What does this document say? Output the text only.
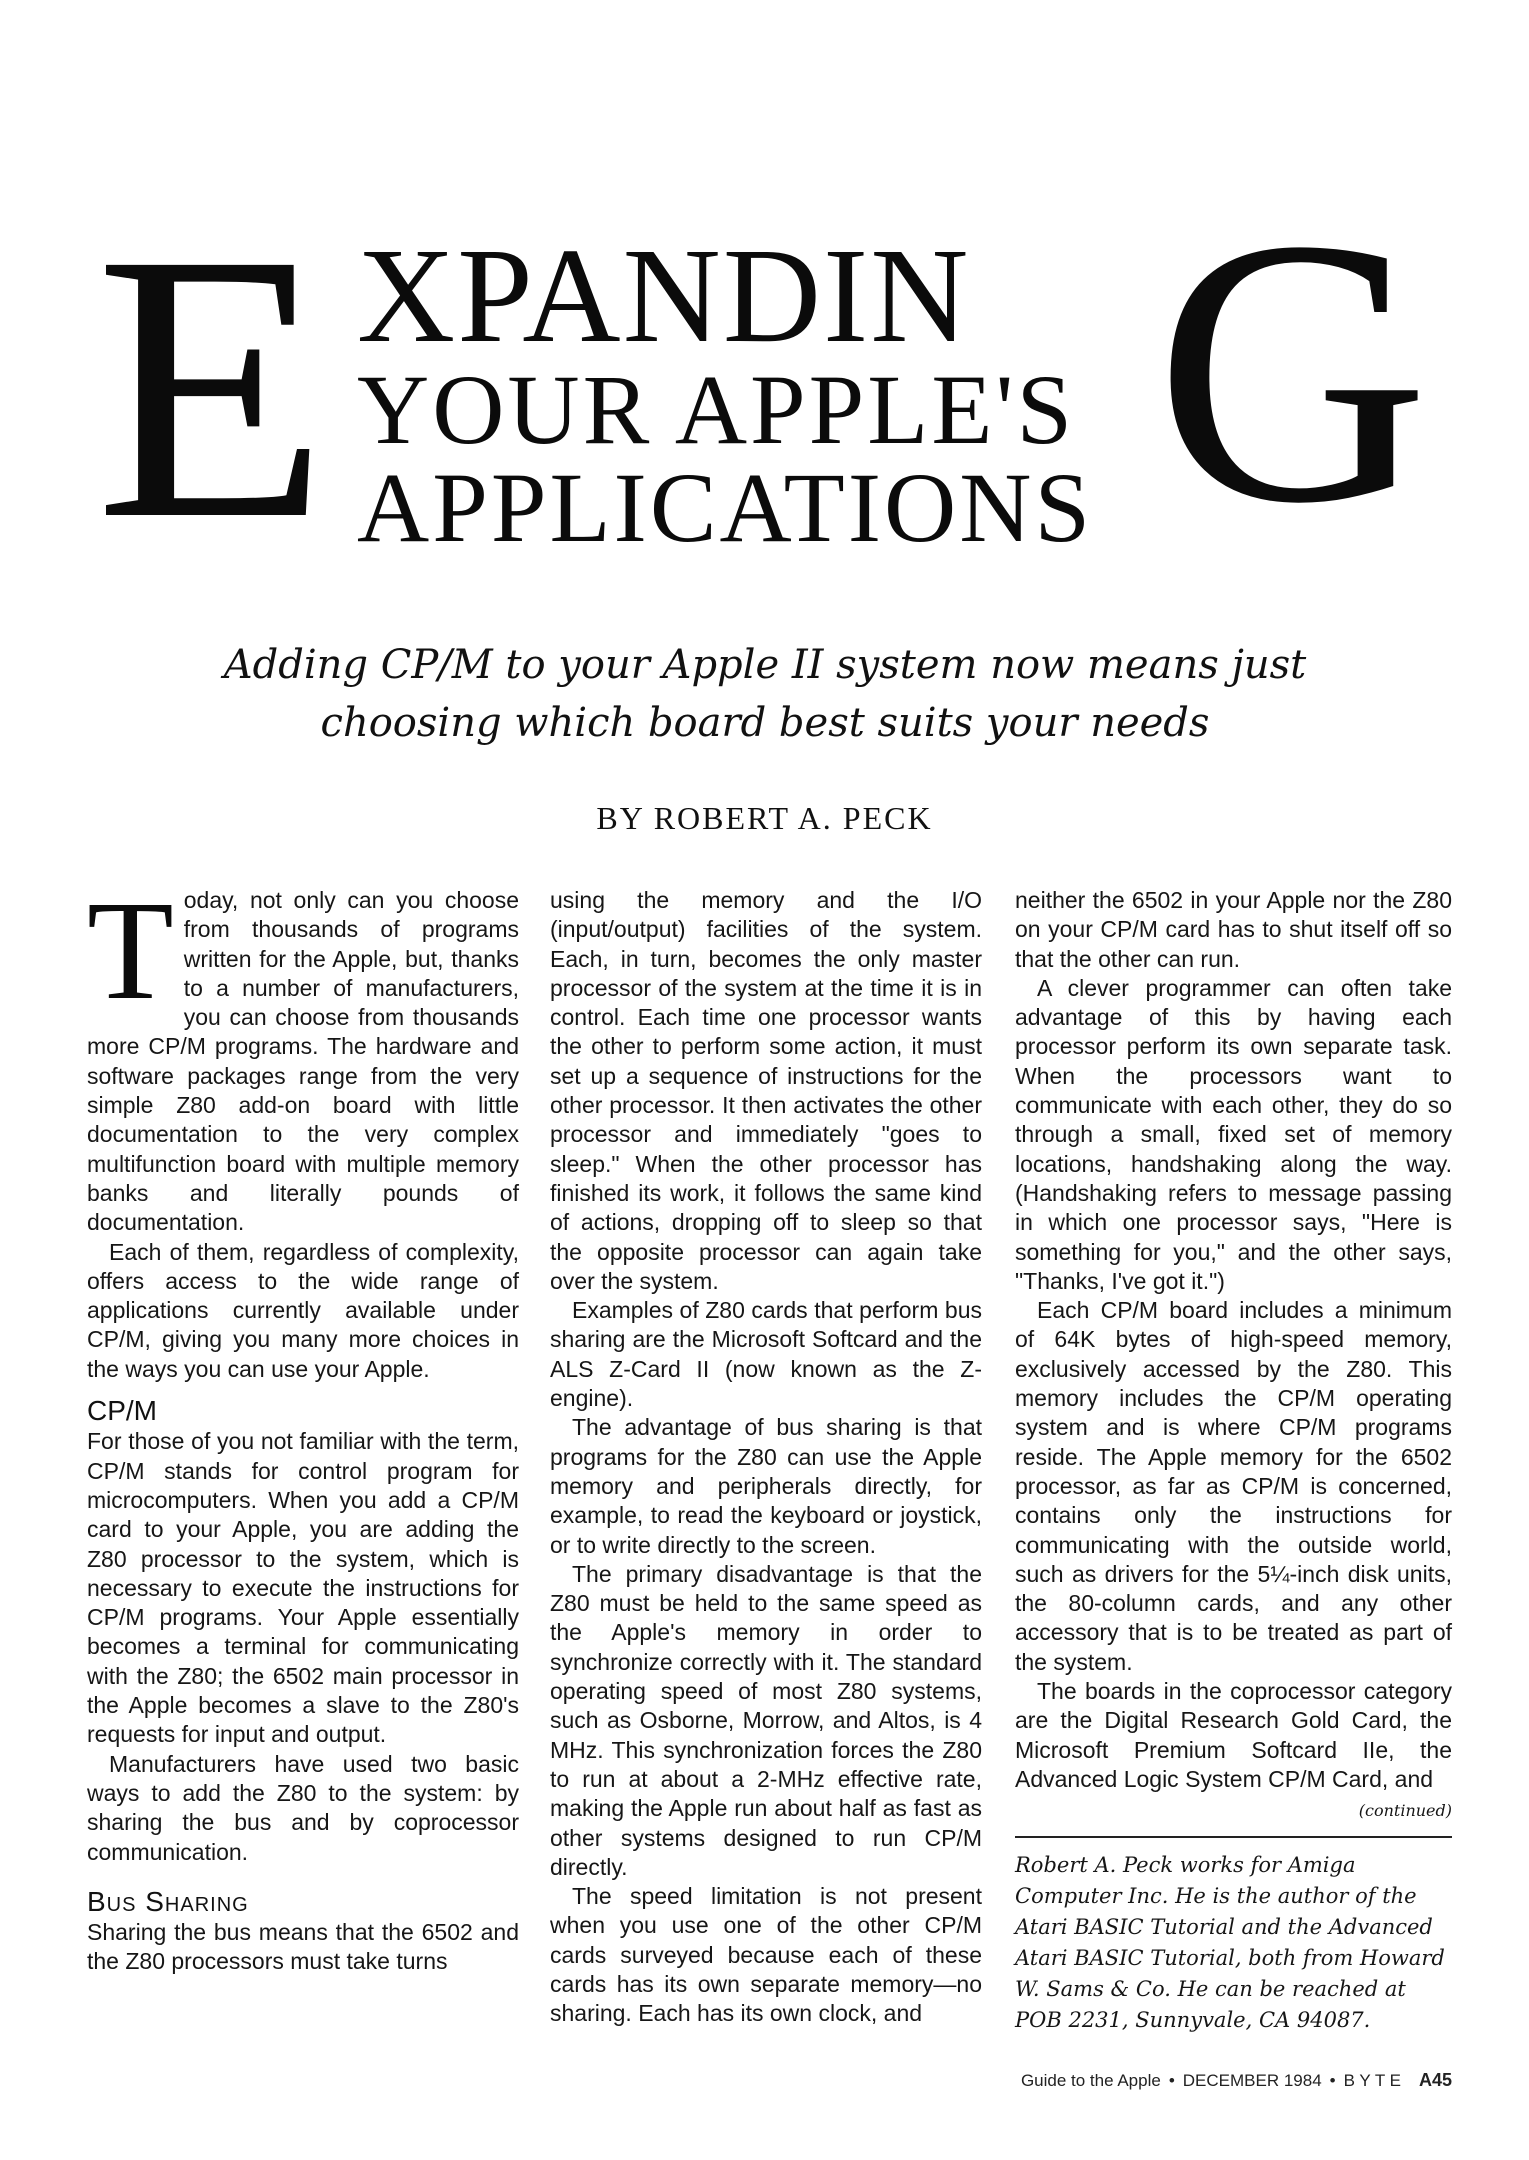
E XPANDIN
YOUR APPLE'S
APPLICATIONS G
Adding CP/M to your Apple II system now means just choosing which board best suits your needs
BY ROBERT A. PECK

Today, not only can you choose from thousands of programs written for the Apple, but, thanks to a number of manufacturers, you can choose from thousands more CP/M programs. The hardware and software packages range from the very simple Z80 add-on board with little documentation to the very complex multifunction board with multiple memory banks and literally pounds of documentation.

Each of them, regardless of complexity, offers access to the wide range of applications currently available under CP/M, giving you many more choices in the ways you can use your Apple.

CP/M

For those of you not familiar with the term, CP/M stands for control program for microcomputers. When you add a CP/M card to your Apple, you are adding the Z80 processor to the system, which is necessary to execute the instructions for CP/M programs. Your Apple essentially becomes a terminal for communicating with the Z80; the 6502 main processor in the Apple becomes a slave to the Z80's requests for input and output.

Manufacturers have used two basic ways to add the Z80 to the system: by sharing the bus and by coprocessor communication.

Bus Sharing

Sharing the bus means that the 6502 and the Z80 processors must take turns

using the memory and the I/O (input/output) facilities of the system. Each, in turn, becomes the only master processor of the system at the time it is in control. Each time one processor wants the other to perform some action, it must set up a sequence of instructions for the other processor. It then activates the other processor and immediately "goes to sleep." When the other processor has finished its work, it follows the same kind of actions, dropping off to sleep so that the opposite processor can again take over the system.

Examples of Z80 cards that perform bus sharing are the Microsoft Softcard and the ALS Z-Card II (now known as the Z-engine).

The advantage of bus sharing is that programs for the Z80 can use the Apple memory and peripherals directly, for example, to read the keyboard or joystick, or to write directly to the screen.

The primary disadvantage is that the Z80 must be held to the same speed as the Apple's memory in order to synchronize correctly with it. The standard operating speed of most Z80 systems, such as Osborne, Morrow, and Altos, is 4 MHz. This synchronization forces the Z80 to run at about a 2-MHz effective rate, making the Apple run about half as fast as other systems designed to run CP/M directly.

The speed limitation is not present when you use one of the other CP/M cards surveyed because each of these cards has its own separate memory—no sharing. Each has its own clock, and

neither the 6502 in your Apple nor the Z80 on your CP/M card has to shut itself off so that the other can run.

A clever programmer can often take advantage of this by having each processor perform its own separate task. When the processors want to communicate with each other, they do so through a small, fixed set of memory locations, handshaking along the way. (Handshaking refers to message passing in which one processor says, "Here is something for you," and the other says, "Thanks, I've got it.")

Each CP/M board includes a minimum of 64K bytes of high-speed memory, exclusively accessed by the Z80. This memory includes the CP/M operating system and is where CP/M programs reside. The Apple memory for the 6502 processor, as far as CP/M is concerned, contains only the instructions for communicating with the outside world, such as drivers for the 5¼-inch disk units, the 80-column cards, and any other accessory that is to be treated as part of the system.

The boards in the coprocessor category are the Digital Research Gold Card, the Microsoft Premium Softcard IIe, the Advanced Logic System CP/M Card, and

(continued)
Robert A. Peck works for Amiga Computer Inc. He is the author of the Atari BASIC Tutorial and the Advanced Atari BASIC Tutorial, both from Howard W. Sams & Co. He can be reached at POB 2231, Sunnyvale, CA 94087.
Guide to the Apple • DECEMBER 1984 • B Y T E A45
